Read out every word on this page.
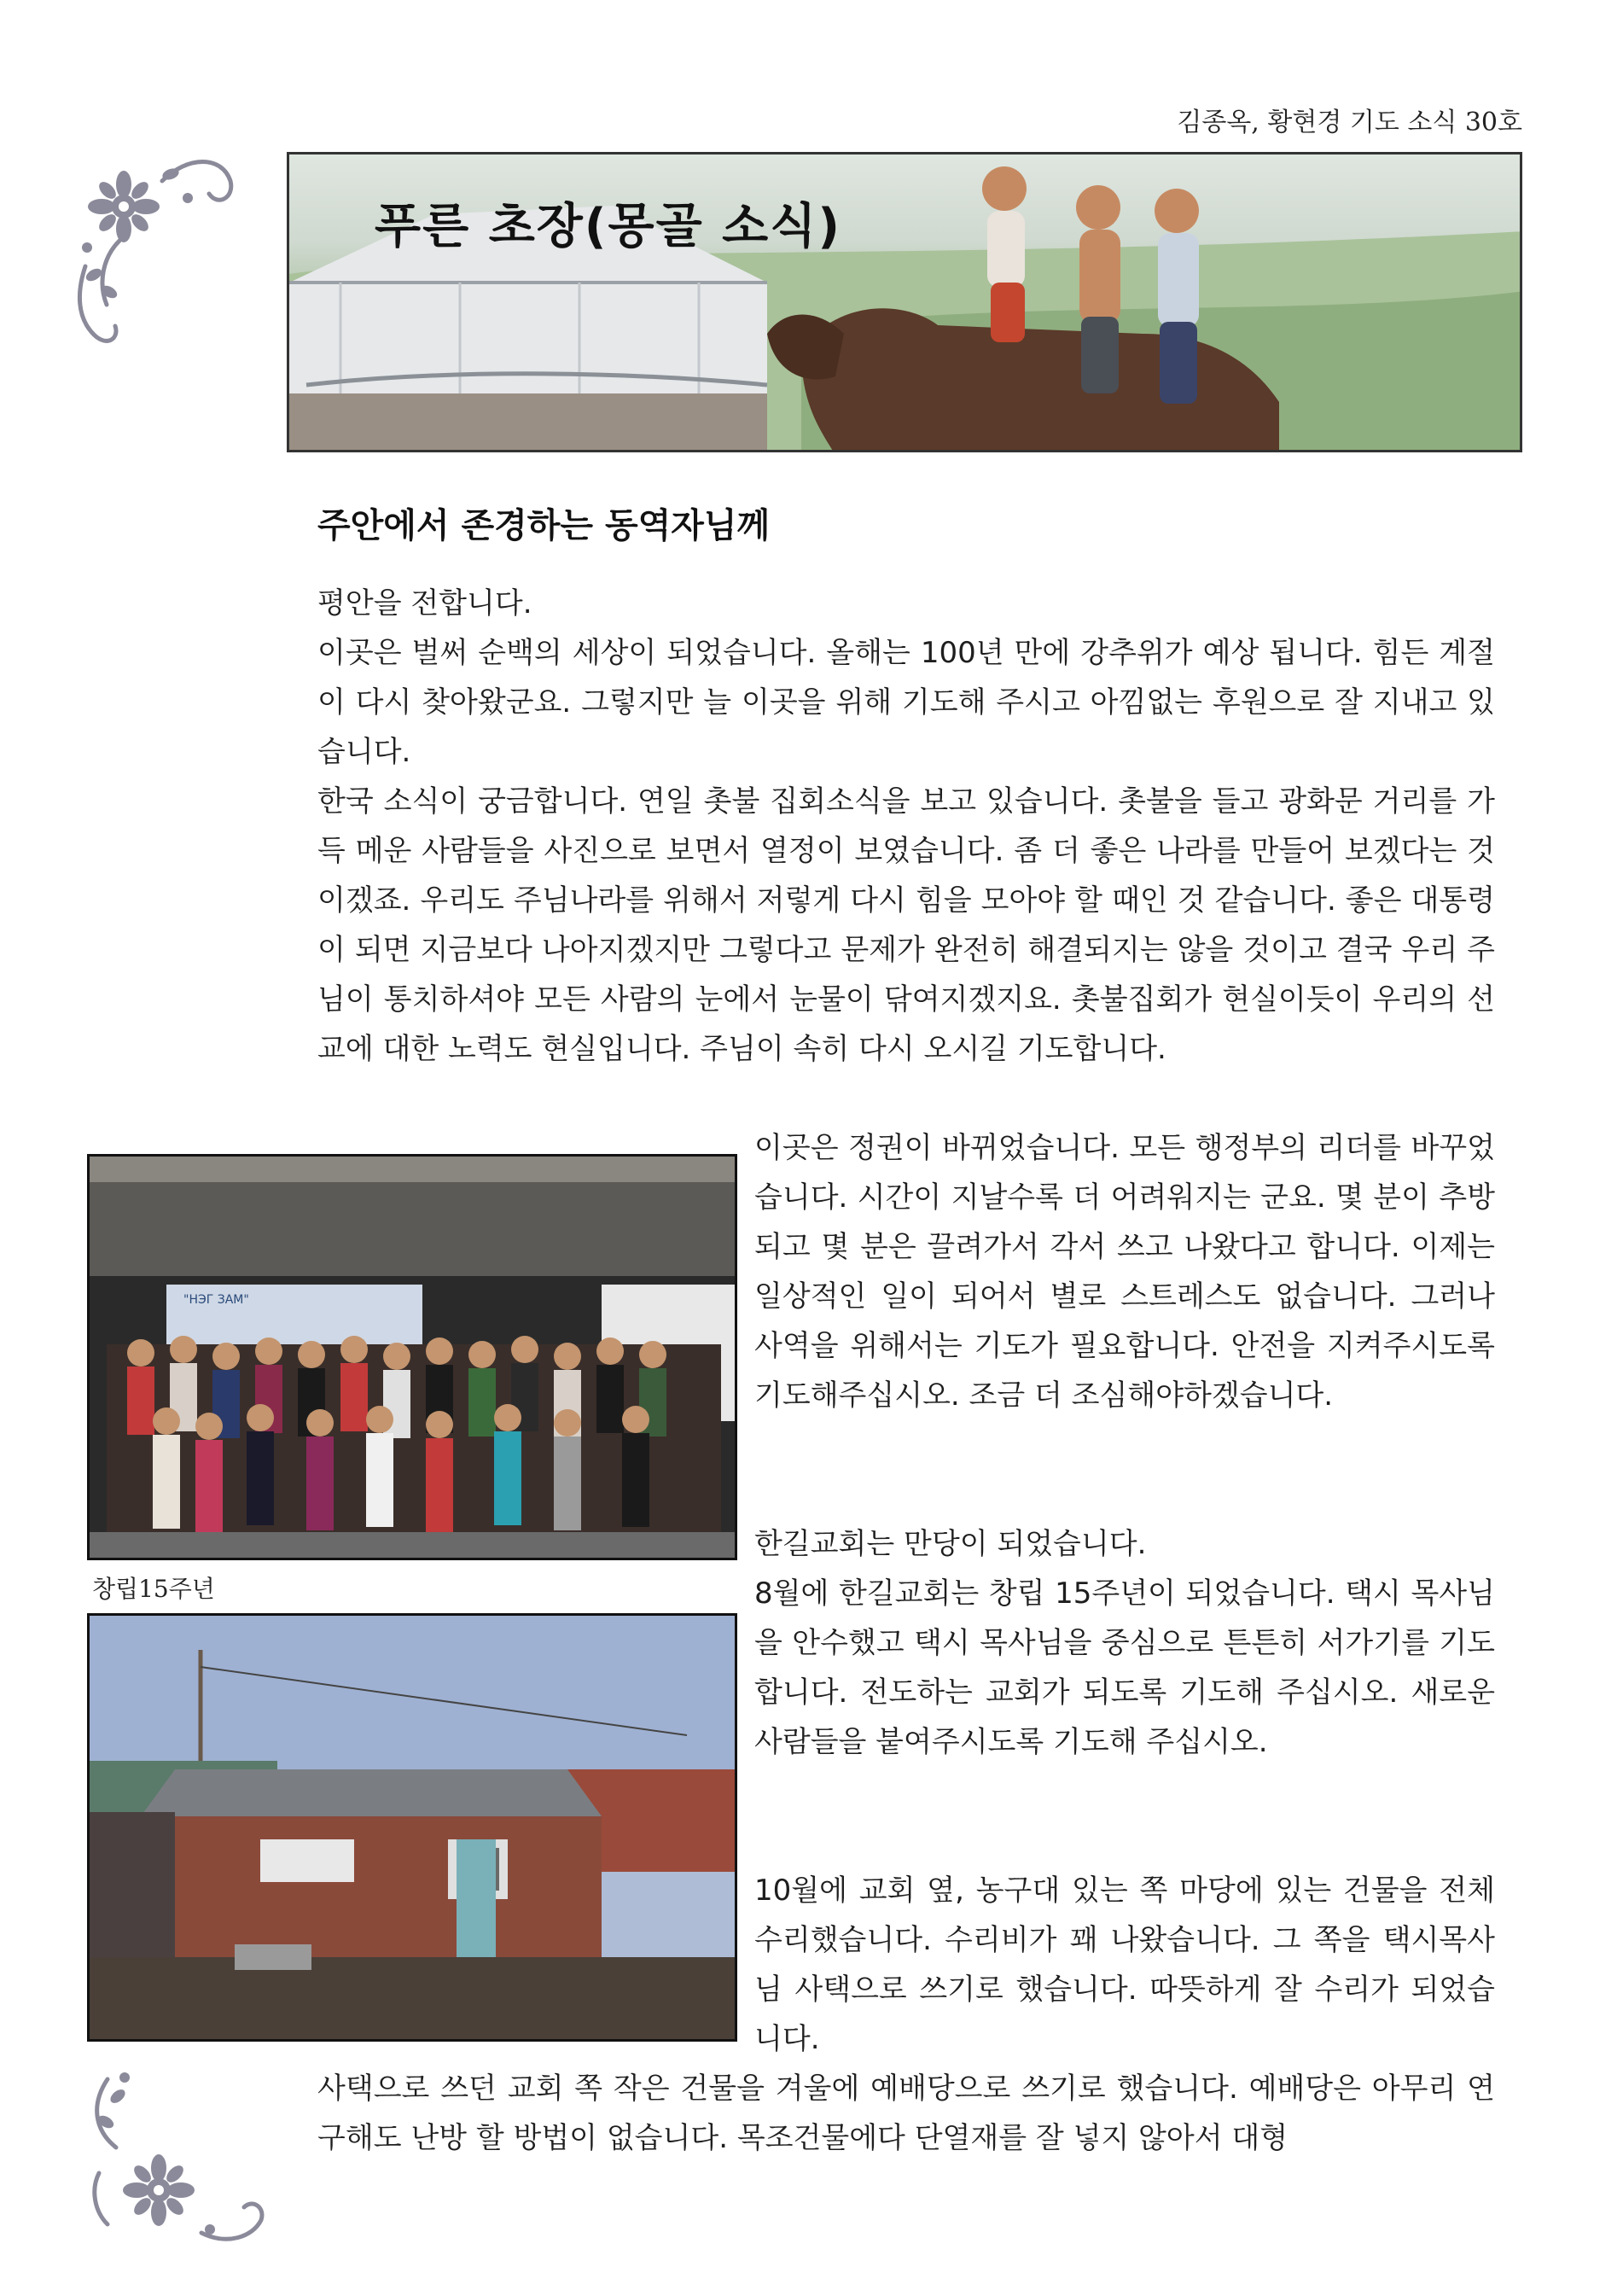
김종옥, 황현경 기도 소식 30호
푸른 초장(몽골 소식)
주안에서 존경하는 동역자님께

평안을 전합니다.

이곳은 벌써 순백의 세상이 되었습니다. 올해는 100년 만에 강추위가 예상 됩니다. 힘든 계절이 다시 찾아왔군요. 그렇지만 늘 이곳을 위해 기도해 주시고 아낌없는 후원으로 잘 지내고 있습니다.

한국 소식이 궁금합니다. 연일 촛불 집회소식을 보고 있습니다. 촛불을 들고 광화문 거리를 가득 메운 사람들을 사진으로 보면서 열정이 보였습니다. 좀 더 좋은 나라를 만들어 보겠다는 것이겠죠. 우리도 주님나라를 위해서 저렇게 다시 힘을 모아야 할 때인 것 같습니다. 좋은 대통령이 되면 지금보다 나아지겠지만 그렇다고 문제가 완전히 해결되지는 않을 것이고 결국 우리 주님이 통치하셔야 모든 사람의 눈에서 눈물이 닦여지겠지요. 촛불집회가 현실이듯이 우리의 선교에 대한 노력도 현실입니다. 주님이 속히 다시 오시길 기도합니다.

이곳은 정권이 바뀌었습니다. 모든 행정부의 리더를 바꾸었습니다. 시간이 지날수록 더 어려워지는 군요. 몇 분이 추방되고 몇 분은 끌려가서 각서 쓰고 나왔다고 합니다. 이제는 일상적인 일이 되어서 별로 스트레스도 없습니다. 그러나 사역을 위해서는 기도가 필요합니다. 안전을 지켜주시도록 기도해주십시오. 조금 더 조심해야하겠습니다.

한길교회는 만당이 되었습니다.

8월에 한길교회는 창립 15주년이 되었습니다. 택시 목사님을 안수했고 택시 목사님을 중심으로 튼튼히 서가기를 기도합니다. 전도하는 교회가 되도록 기도해 주십시오. 새로운 사람들을 붙여주시도록 기도해 주십시오.

10월에 교회 옆, 농구대 있는 쪽 마당에 있는 건물을 전체 수리했습니다. 수리비가 꽤 나왔습니다. 그 쪽을 택시목사님 사택으로 쓰기로 했습니다. 따뜻하게 잘 수리가 되었습니다.

사택으로 쓰던 교회 쪽 작은 건물을 겨울에 예배당으로 쓰기로 했습니다. 예배당은 아무리 연구해도 난방 할 방법이 없습니다. 목조건물에다 단열재를 잘 넣지 않아서 대형

"НЭГ ЗАМ"
창립15주년
